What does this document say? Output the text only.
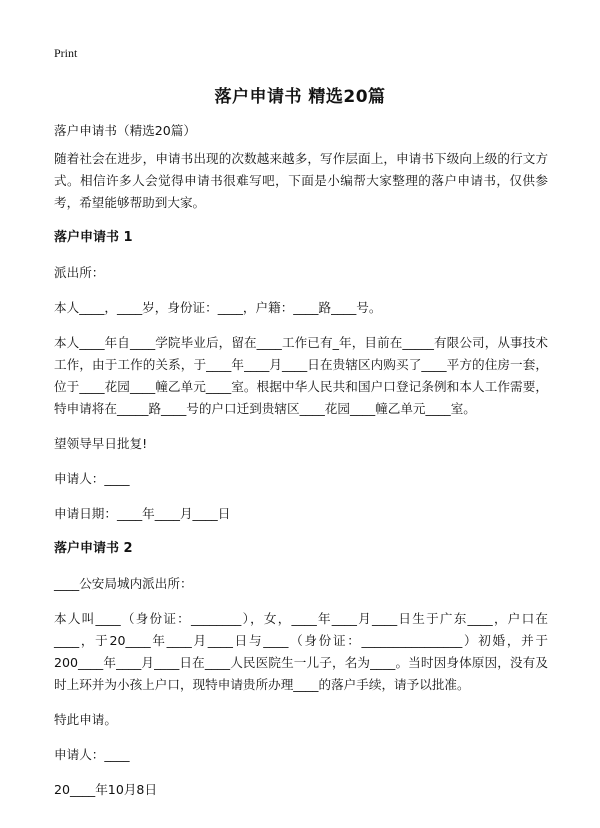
Print
落户申请书 精选20篇

落户申请书（精选20篇）

随着社会在进步，申请书出现的次数越来越多，写作层面上，申请书下级向上级的行文方式。相信许多人会觉得申请书很难写吧，下面是小编帮大家整理的落户申请书，仅供参考，希望能够帮助到大家。

落户申请书 1

派出所：

本人____，____岁，身份证：____，户籍：____路____号。

本人____年自____学院毕业后，留在____工作已有_年，目前在_____有限公司，从事技术工作，由于工作的关系，于____年____月____日在贵辖区内购买了____平方的住房一套，位于____花园____幢乙单元____室。根据中华人民共和国户口登记条例和本人工作需要，特申请将在_____路____号的户口迁到贵辖区____花园____幢乙单元____室。

望领导早日批复!

申请人：____

申请日期：____年____月____日

落户申请书 2

____公安局城内派出所：

本人叫____（身份证：________），女，____年____月____日生于广东____，户口在____，于20____年____月____日与____（身份证：________________）初婚，并于200____年____月____日在____人民医院生一儿子，名为____。当时因身体原因，没有及时上环并为小孩上户口，现特申请贵所办理____的落户手续，请予以批准。

特此申请。

申请人：____

20____年10月8日
